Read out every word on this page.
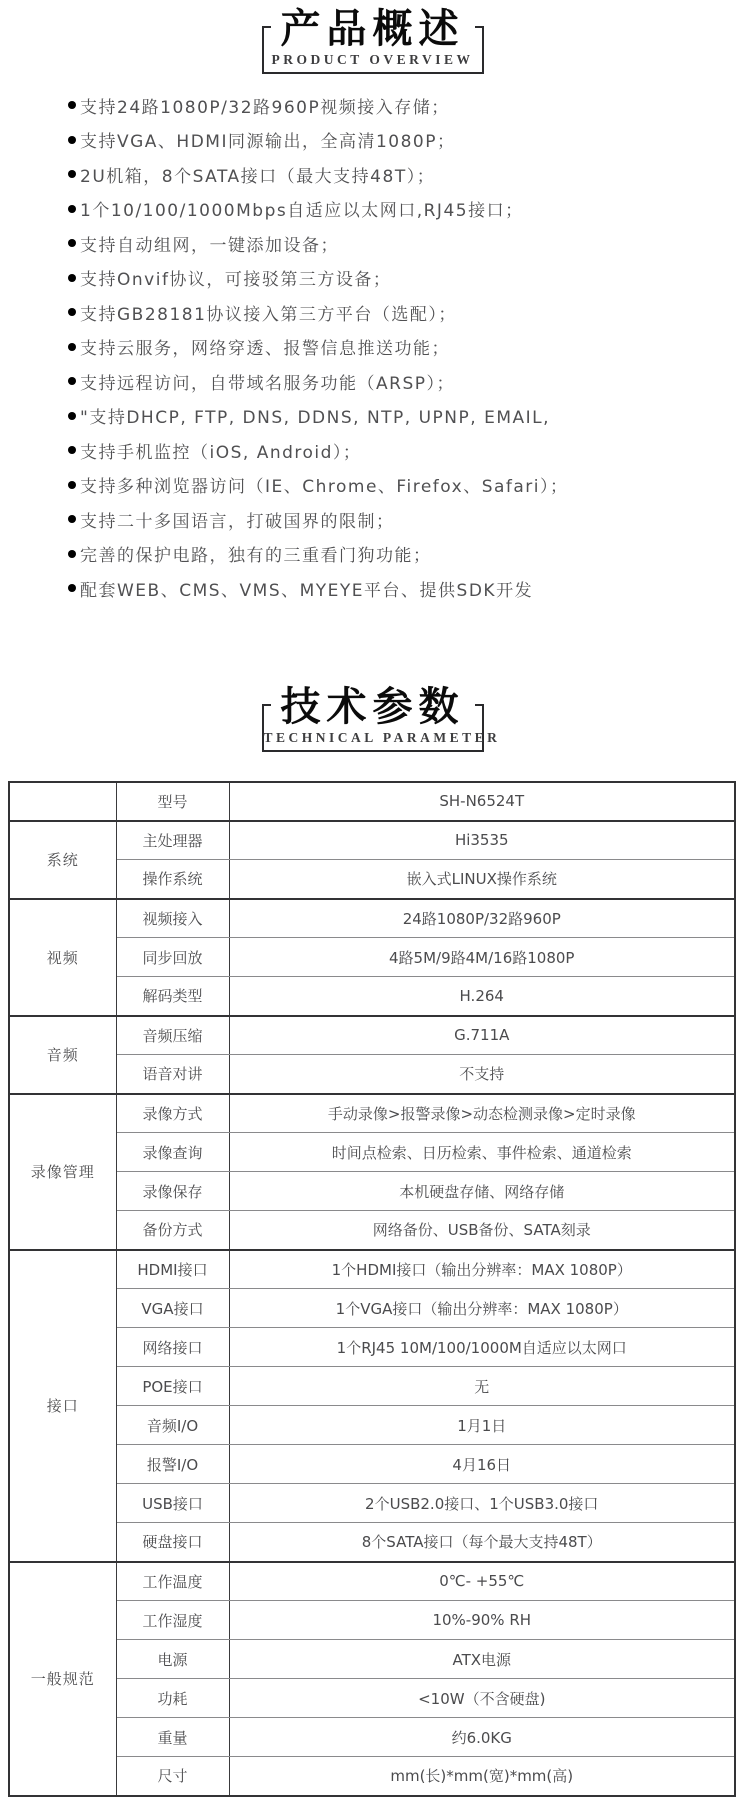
产品概述
PRODUCT OVERVIEW
支持24路1080P/32路960P视频接入存储；
支持VGA、HDMI同源输出，全高清1080P；
2U机箱，8个SATA接口（最大支持48T）；
1个10/100/1000Mbps自适应以太网口,RJ45接口；
支持自动组网，一键添加设备；
支持Onvif协议，可接驳第三方设备；
支持GB28181协议接入第三方平台（选配）；
支持云服务，网络穿透、报警信息推送功能；
支持远程访问，自带域名服务功能（ARSP）；
"支持DHCP, FTP, DNS, DDNS, NTP, UPNP, EMAIL,
支持手机监控（iOS, Android）；
支持多种浏览器访问（IE、Chrome、Firefox、Safari）；
支持二十多国语言，打破国界的限制；
完善的保护电路，独有的三重看门狗功能；
配套WEB、CMS、VMS、MYEYE平台、提供SDK开发
技术参数
TECHNICAL PARAMETER
	型号	SH-N6524T
系统	主处理器	Hi3535
	操作系统	嵌入式LINUX操作系统
视频	视频接入	24路1080P/32路960P
	同步回放	4路5M/9路4M/16路1080P
	解码类型	H.264
音频	音频压缩	G.711A
	语音对讲	不支持
录像管理	录像方式	手动录像>报警录像>动态检测录像>定时录像
	录像查询	时间点检索、日历检索、事件检索、通道检索
	录像保存	本机硬盘存储、网络存储
	备份方式	网络备份、USB备份、SATA刻录
接口	HDMI接口	1个HDMI接口（输出分辨率：MAX 1080P）
	VGA接口	1个VGA接口（输出分辨率：MAX 1080P）
	网络接口	1个RJ45 10M/100/1000M自适应以太网口
	POE接口	无
	音频I/O	1月1日
	报警I/O	4月16日
	USB接口	2个USB2.0接口、1个USB3.0接口
	硬盘接口	8个SATA接口（每个最大支持48T）
一般规范	工作温度	0℃- +55℃
	工作湿度	10%-90% RH
	电源	ATX电源
	功耗	<10W（不含硬盘)
	重量	约6.0KG
	尺寸	mm(长)*mm(宽)*mm(高)
